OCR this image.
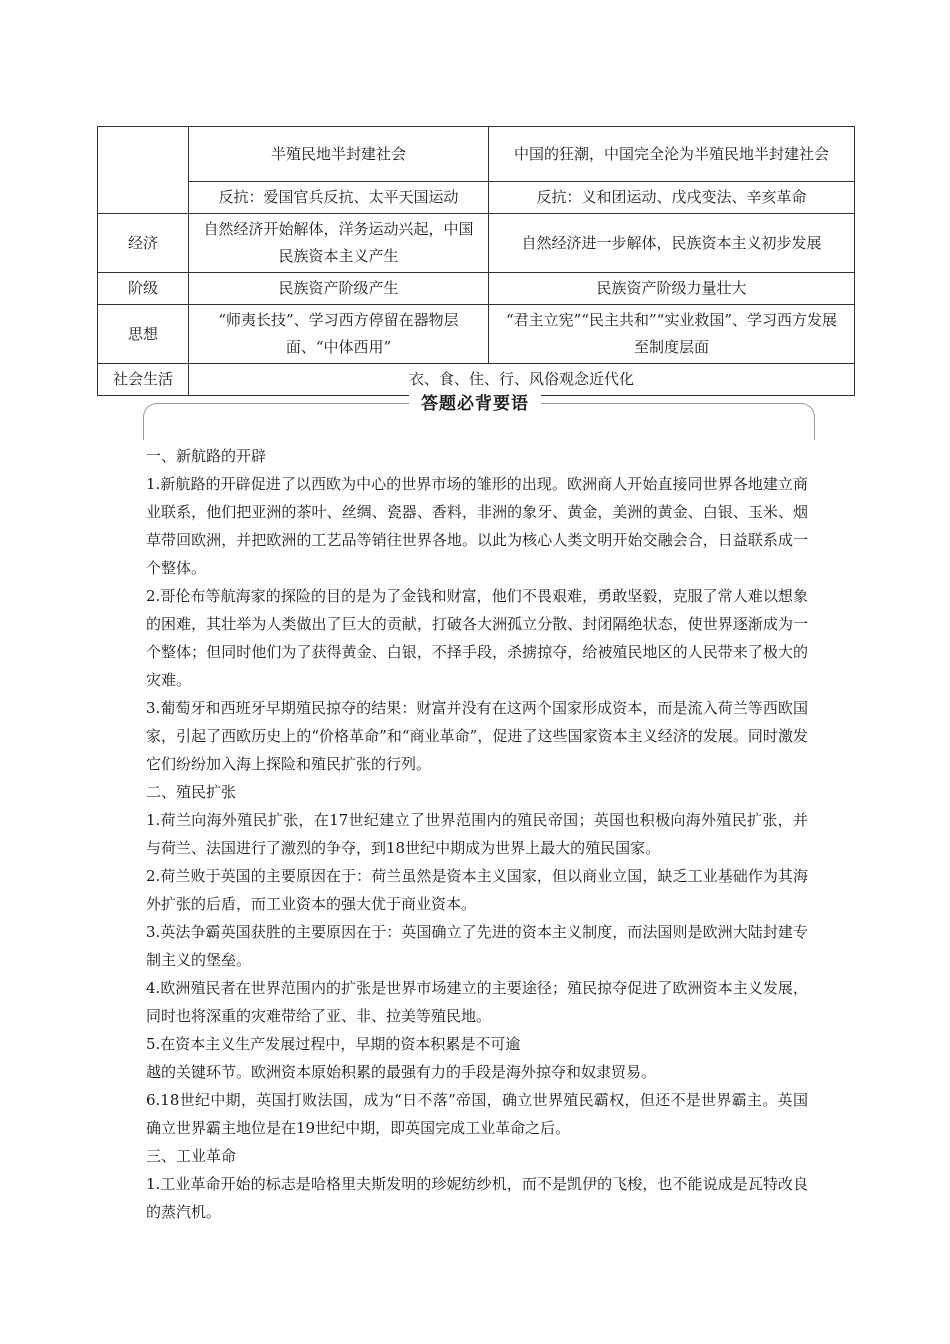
	半殖民地半封建社会	中国的狂潮，中国完全沦为半殖民地半封建社会
	反抗：爱国官兵反抗、太平天国运动	反抗：义和团运动、戊戌变法、辛亥革命
经济	自然经济开始解体，洋务运动兴起，中国民族资本主义产生	自然经济进一步解体，民族资本主义初步发展
阶级	民族资产阶级产生	民族资产阶级力量壮大
思想	“师夷长技”、学习西方停留在器物层面、“中体西用”	“君主立宪”“民主共和”“实业救国”、学习西方发展至制度层面
社会生活	衣、食、住、行、风俗观念近代化	
答题必背要语

一、新航路的开辟

1.新航路的开辟促进了以西欧为中心的世界市场的雏形的出现。欧洲商人开始直接同世界各地建立商业联系，他们把亚洲的茶叶、丝绸、瓷器、香料，非洲的象牙、黄金，美洲的黄金、白银、玉米、烟草带回欧洲，并把欧洲的工艺品等销往世界各地。以此为核心人类文明开始交融会合，日益联系成一个整体。

2.哥伦布等航海家的探险的目的是为了金钱和财富，他们不畏艰难，勇敢坚毅，克服了常人难以想象的困难，其壮举为人类做出了巨大的贡献，打破各大洲孤立分散、封闭隔绝状态，使世界逐渐成为一个整体；但同时他们为了获得黄金、白银，不择手段，杀掳掠夺，给被殖民地区的人民带来了极大的灾难。

3.葡萄牙和西班牙早期殖民掠夺的结果：财富并没有在这两个国家形成资本，而是流入荷兰等西欧国家，引起了西欧历史上的“价格革命”和“商业革命”，促进了这些国家资本主义经济的发展。同时激发它们纷纷加入海上探险和殖民扩张的行列。

二、殖民扩张

1.荷兰向海外殖民扩张，在17世纪建立了世界范围内的殖民帝国；英国也积极向海外殖民扩张，并与荷兰、法国进行了激烈的争夺，到18世纪中期成为世界上最大的殖民国家。

2.荷兰败于英国的主要原因在于：荷兰虽然是资本主义国家，但以商业立国，缺乏工业基础作为其海外扩张的后盾，而工业资本的强大优于商业资本。

3.英法争霸英国获胜的主要原因在于：英国确立了先进的资本主义制度，而法国则是欧洲大陆封建专制主义的堡垒。

4.欧洲殖民者在世界范围内的扩张是世界市场建立的主要途径；殖民掠夺促进了欧洲资本主义发展，同时也将深重的灾难带给了亚、非、拉美等殖民地。

5.在资本主义生产发展过程中，早期的资本积累是不可逾

越的关键环节。欧洲资本原始积累的最强有力的手段是海外掠夺和奴隶贸易。

6.18世纪中期，英国打败法国，成为“日不落”帝国，确立世界殖民霸权，但还不是世界霸主。英国确立世界霸主地位是在19世纪中期，即英国完成工业革命之后。

三、工业革命

1.工业革命开始的标志是哈格里夫斯发明的珍妮纺纱机，而不是凯伊的飞梭，也不能说成是瓦特改良的蒸汽机。
